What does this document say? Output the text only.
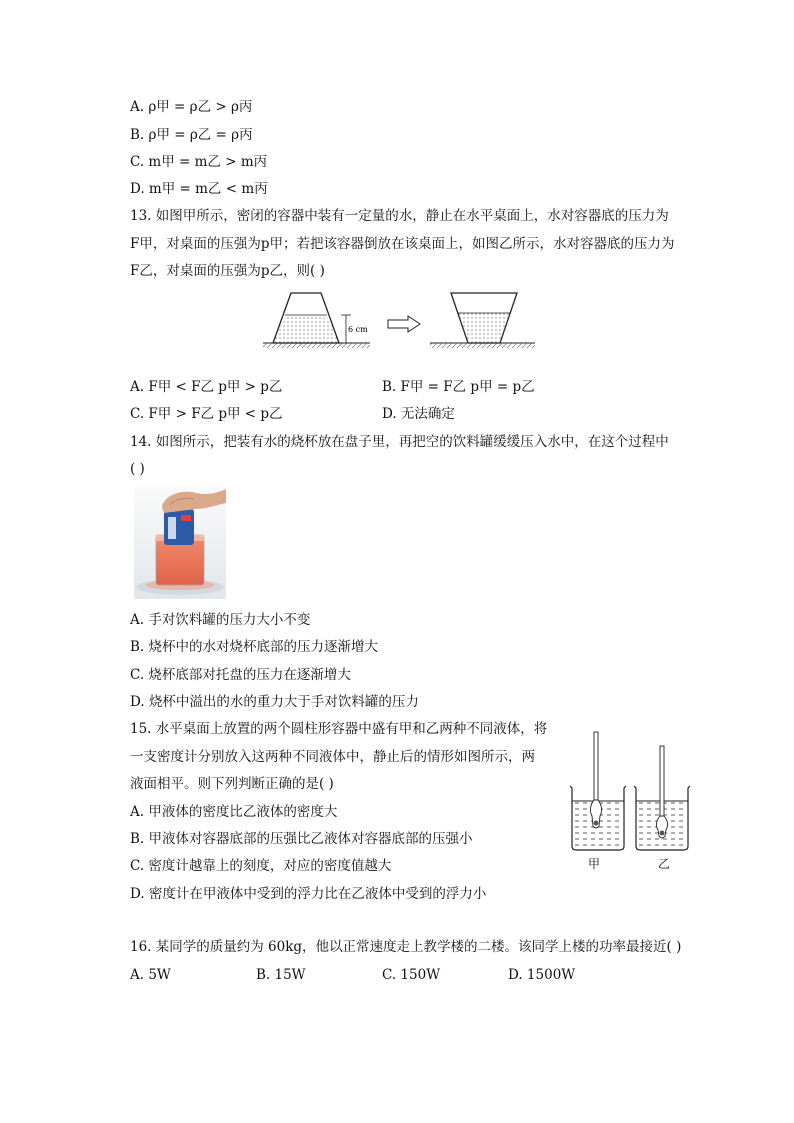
A. ρ甲 = ρ乙 > ρ丙
B. ρ甲 = ρ乙 = ρ丙
C. m甲 = m乙 > m丙
D. m甲 = m乙 < m丙
13. 如图甲所示，密闭的容器中装有一定量的水，静止在水平桌面上，水对容器底的压力为
F甲，对桌面的压强为p甲；若把该容器倒放在该桌面上，如图乙所示，水对容器底的压力为
F乙，对桌面的压强为p乙，则( )
6 cm
A. F甲 < F乙 p甲 > p乙	B. F甲 = F乙 p甲 = p乙
C. F甲 > F乙 p甲 < p乙	D. 无法确定
14. 如图所示，把装有水的烧杯放在盘子里，再把空的饮料罐缓缓压入水中，在这个过程中
( )
A. 手对饮料罐的压力大小不变
B. 烧杯中的水对烧杯底部的压力逐渐增大
C. 烧杯底部对托盘的压力在逐渐增大
D. 烧杯中溢出的水的重力大于手对饮料罐的压力
15. 水平桌面上放置的两个圆柱形容器中盛有甲和乙两种不同液体，将
一支密度计分别放入这两种不同液体中，静止后的情形如图所示，两
液面相平。则下列判断正确的是( )
A. 甲液体的密度比乙液体的密度大
B. 甲液体对容器底部的压强比乙液体对容器底部的压强小
C. 密度计越靠上的刻度，对应的密度值越大
D. 密度计在甲液体中受到的浮力比在乙液体中受到的浮力小
甲	乙
16. 某同学的质量约为 60kg，他以正常速度走上教学楼的二楼。该同学上楼的功率最接近( )
A. 5W	B. 15W	C. 150W	D. 1500W
